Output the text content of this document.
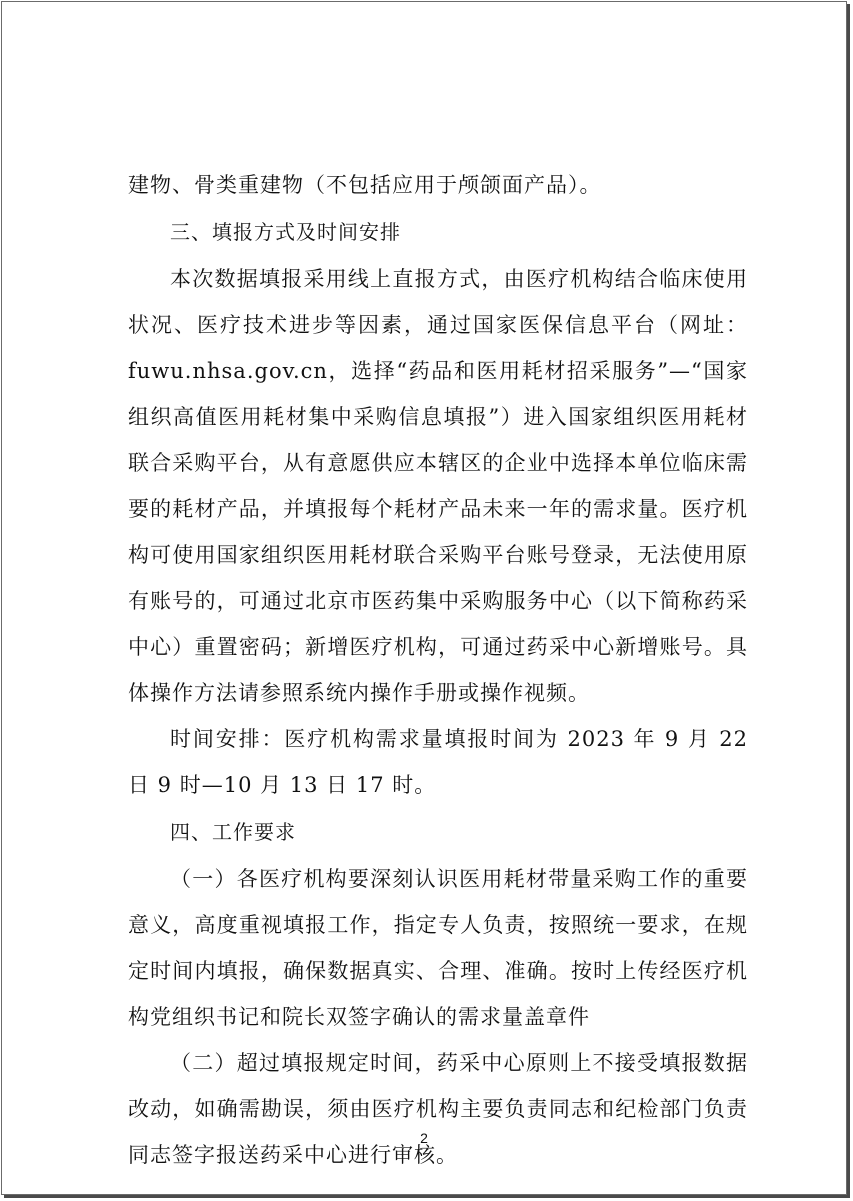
建物、骨类重建物（不包括应用于颅颌面产品）。

三、填报方式及时间安排

本次数据填报采用线上直报方式，由医疗机构结合临床使用状况、医疗技术进步等因素，通过国家医保信息平台（网址：fuwu.nhsa.gov.cn，选择“药品和医用耗材招采服务”—“国家组织高值医用耗材集中采购信息填报”）进入国家组织医用耗材联合采购平台，从有意愿供应本辖区的企业中选择本单位临床需要的耗材产品，并填报每个耗材产品未来一年的需求量。医疗机构可使用国家组织医用耗材联合采购平台账号登录，无法使用原有账号的，可通过北京市医药集中采购服务中心（以下简称药采中心）重置密码；新增医疗机构，可通过药采中心新增账号。具体操作方法请参照系统内操作手册或操作视频。

时间安排：医疗机构需求量填报时间为 2023 年 9 月 22 日 9 时—10 月 13 日 17 时。

四、工作要求

（一）各医疗机构要深刻认识医用耗材带量采购工作的重要意义，高度重视填报工作，指定专人负责，按照统一要求，在规定时间内填报，确保数据真实、合理、准确。按时上传经医疗机构党组织书记和院长双签字确认的需求量盖章件

（二）超过填报规定时间，药采中心原则上不接受填报数据改动，如确需勘误，须由医疗机构主要负责同志和纪检部门负责同志签字报送药采中心进行审核。

2
